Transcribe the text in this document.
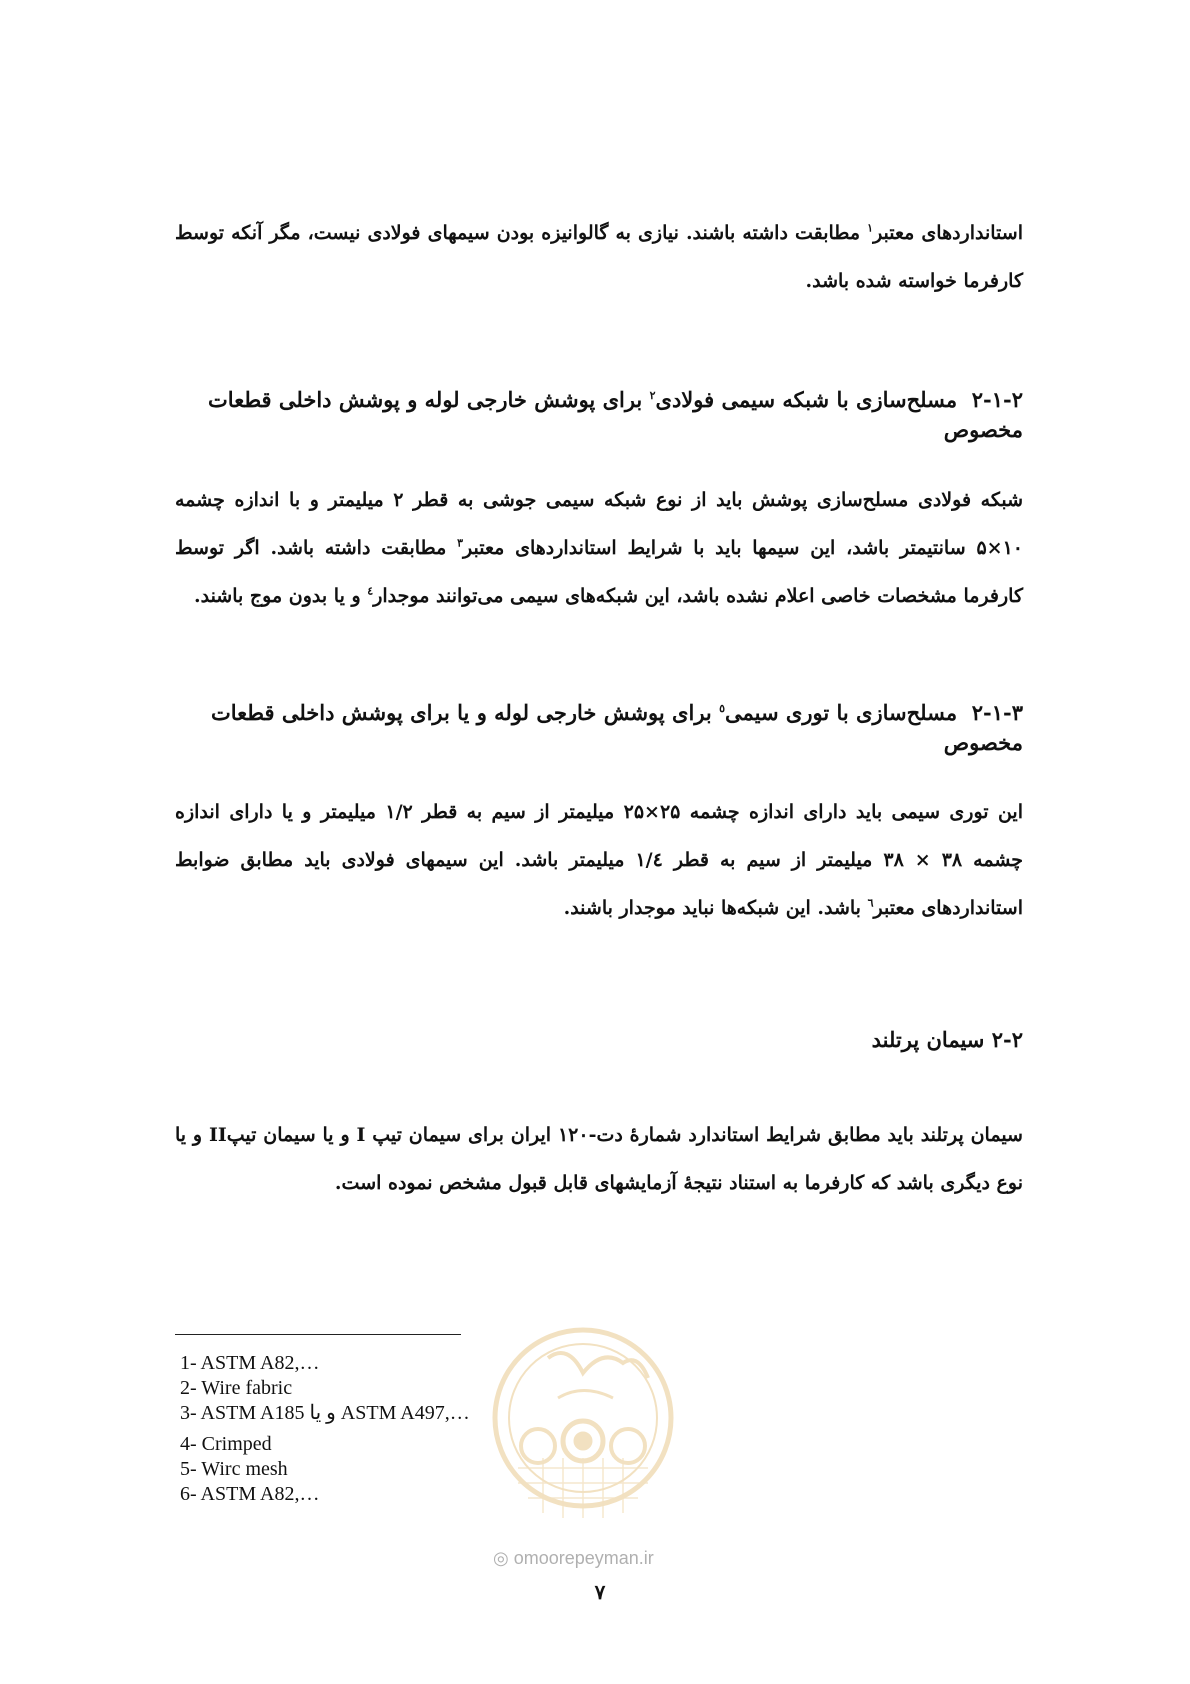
استانداردهای معتبر$^۱$ مطابقت داشته باشند. نیازی به گالوانیزه بودن سیمهای فولادی نیست، مگر آنکه توسط کارفرما خواسته شده باشد.
۲-۱-۲  مسلح‌سازی با شبکه سیمی فولادی$^۲$ برای پوشش خارجی لوله و پوشش داخلی قطعات مخصوص
شبکه فولادی مسلح‌سازی پوشش باید از نوع شبکه سیمی جوشی به قطر ۲ میلیمتر و با اندازه چشمه ۱۰×۵ سانتیمتر باشد، این سیمها باید با شرایط استانداردهای معتبر$^۳$ مطابقت داشته باشد. اگر توسط کارفرما مشخصات خاصی اعلام نشده باشد، این شبکه‌های سیمی می‌توانند موجدار$^٤$ و یا بدون موج باشند.
۲-۱-۳  مسلح‌سازی با توری سیمی$^٥$ برای پوشش خارجی لوله و یا برای پوشش داخلی قطعات مخصوص
این توری سیمی باید دارای اندازه چشمه ۲۵×۲۵ میلیمتر از سیم به قطر ۱/۲ میلیمتر و یا دارای اندازه چشمه ۳۸ × ۳۸ میلیمتر از سیم به قطر ۱/٤ میلیمتر باشد. این سیمهای فولادی باید مطابق ضوابط استانداردهای معتبر$^٦$ باشد. این شبکه‌ها نباید موجدار باشند.
۲-۲ سیمان پرتلند
سیمان پرتلند باید مطابق شرایط استاندارد شمارهٔ دت-۱۲۰ ایران برای سیمان تیپ I و یا سیمان تیپII و یا نوع دیگری باشد که کارفرما به استناد نتیجهٔ آزمایشهای قابل قبول مشخص نموده است.
1- ASTM A82,…
2- Wire fabric
3- ASTM A185 و یا ASTM A497,…
4- Crimped
5- Wirc mesh
6- ASTM A82,…
◎ omoorepeyman.ir
۷
